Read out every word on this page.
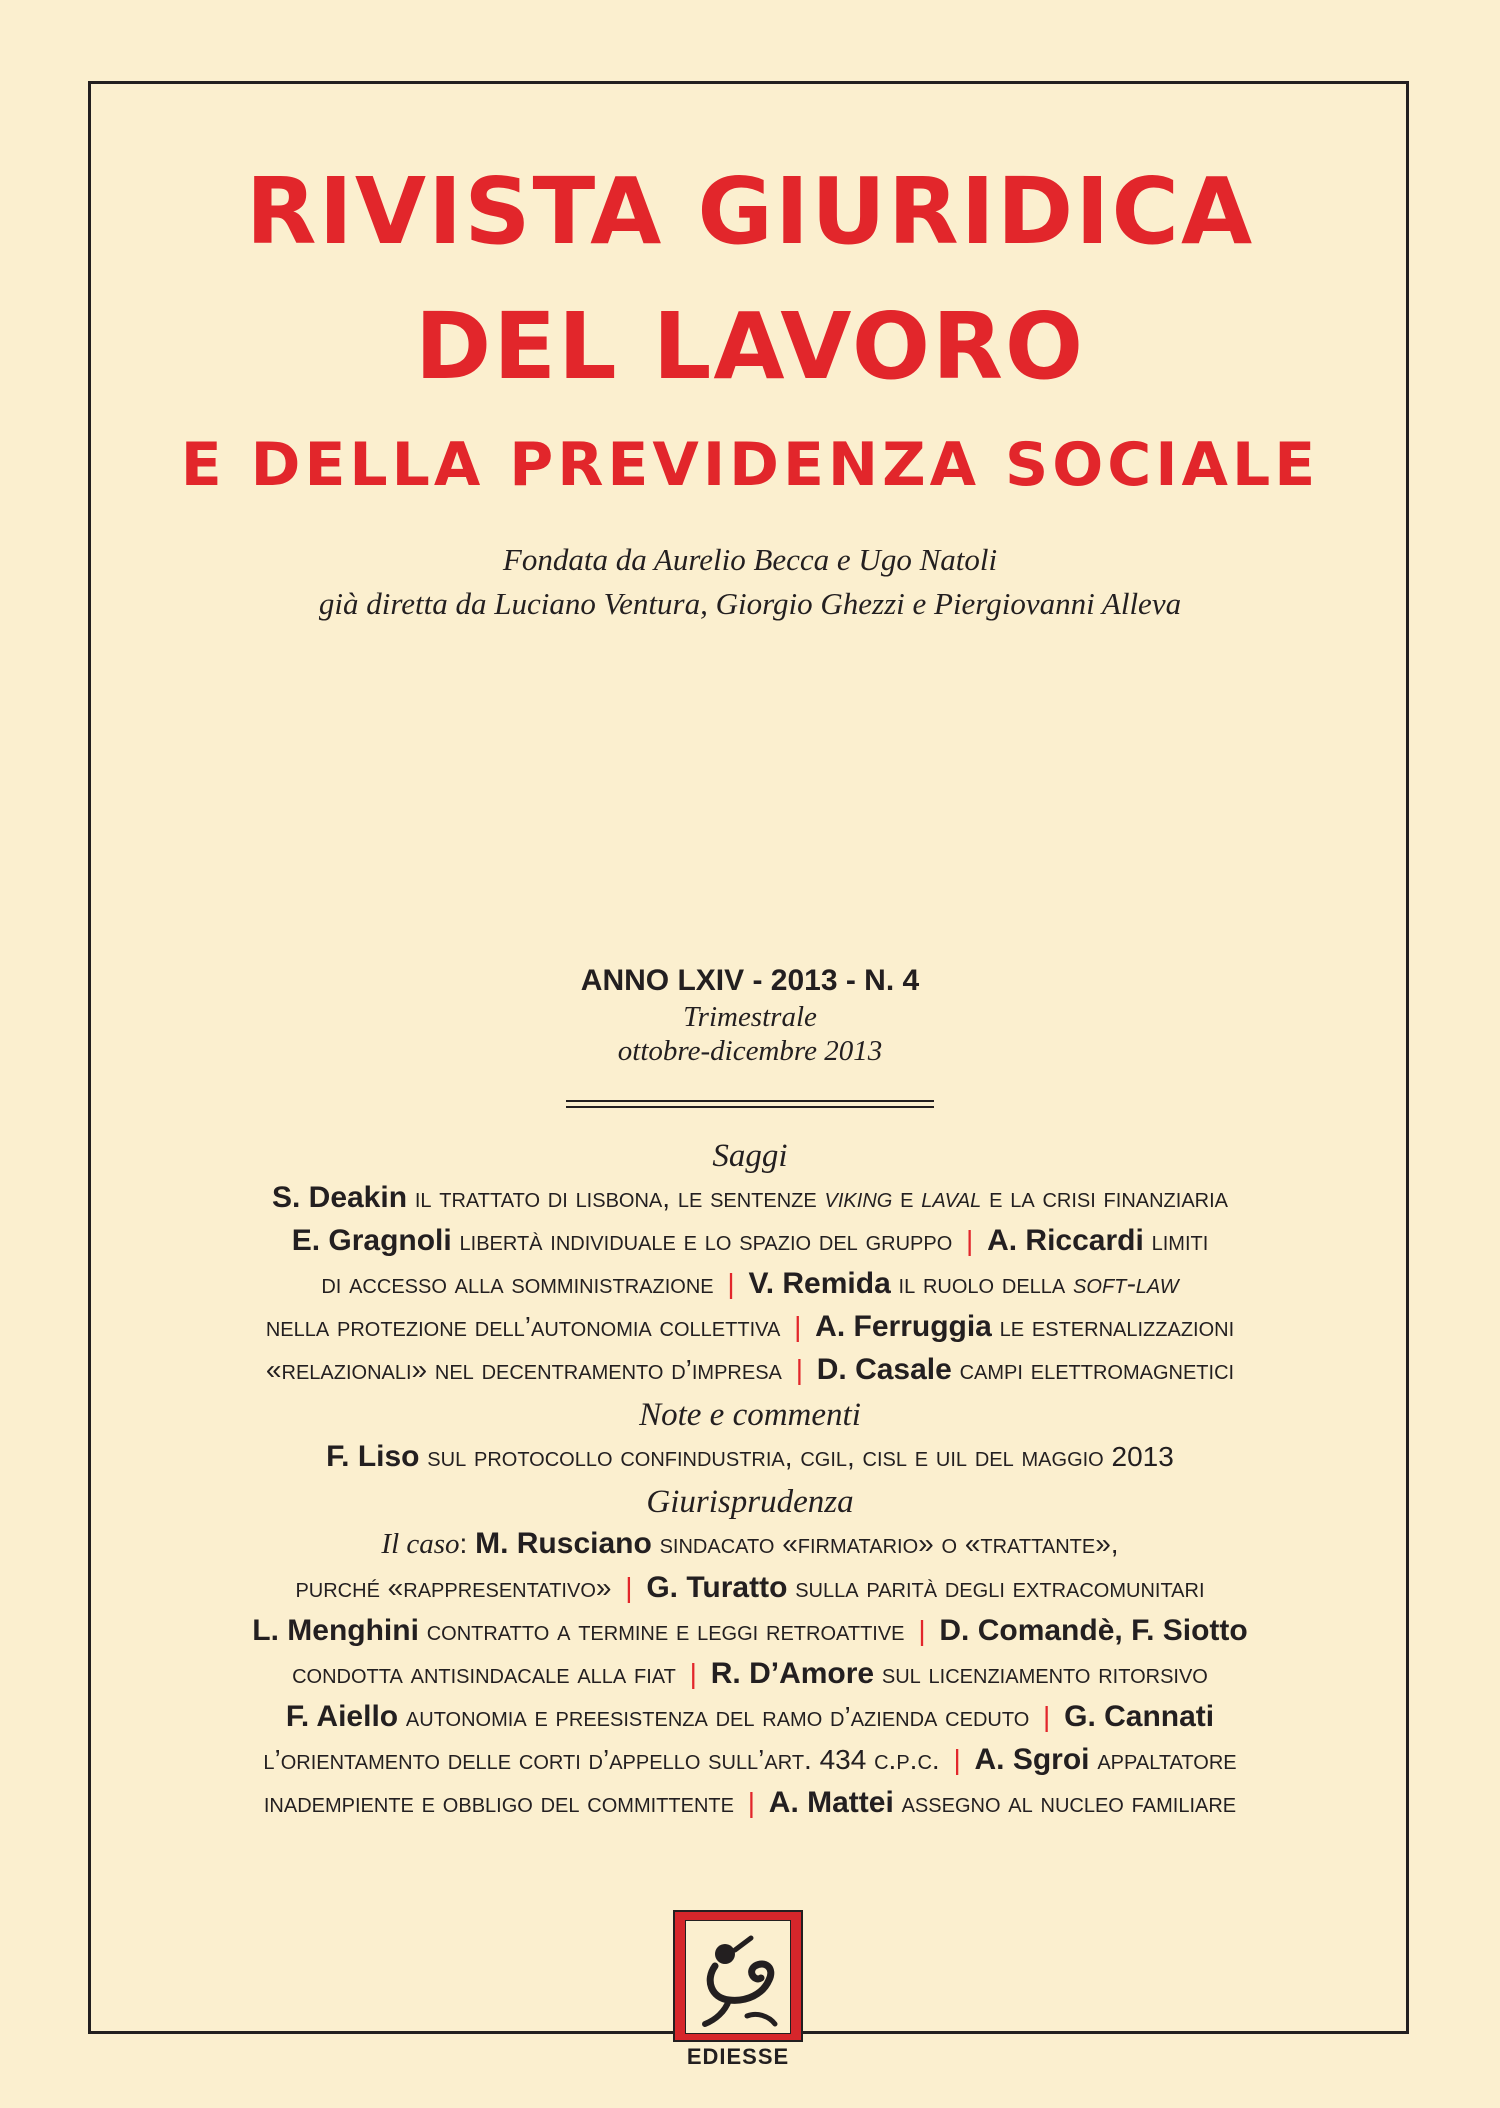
RIVISTA GIURIDICA
DEL LAVORO
E DELLA PREVIDENZA SOCIALE
Fondata da Aurelio Becca e Ugo Natoli
già diretta da Luciano Ventura, Giorgio Ghezzi e Piergiovanni Alleva
ANNO LXIV - 2013 - N. 4
Trimestrale
ottobre-dicembre 2013
Saggi
S. Deakin il trattato di lisbona, le sentenze viking e laval e la crisi finanziaria
E. Gragnoli libertà individuale e lo spazio del gruppo | A. Riccardi limiti
di accesso alla somministrazione | V. Remida il ruolo della soft-law
nella protezione dell’autonomia collettiva | A. Ferruggia le esternalizzazioni
«relazionali» nel decentramento d’impresa | D. Casale campi elettromagnetici
Note e commenti
F. Liso sul protocollo confindustria, cgil, cisl e uil del maggio 2013
Giurisprudenza
Il caso: M. Rusciano sindacato «firmatario» o «trattante»,
purché «rappresentativo» | G. Turatto sulla parità degli extracomunitari
L. Menghini contratto a termine e leggi retroattive | D. Comandè, F. Siotto
condotta antisindacale alla fiat | R. D’Amore sul licenziamento ritorsivo
F. Aiello autonomia e preesistenza del ramo d’azienda ceduto | G. Cannati
l’orientamento delle corti d’appello sull’art. 434 c.p.c. | A. Sgroi appaltatore
inadempiente e obbligo del committente | A. Mattei assegno al nucleo familiare
EDIESSE
